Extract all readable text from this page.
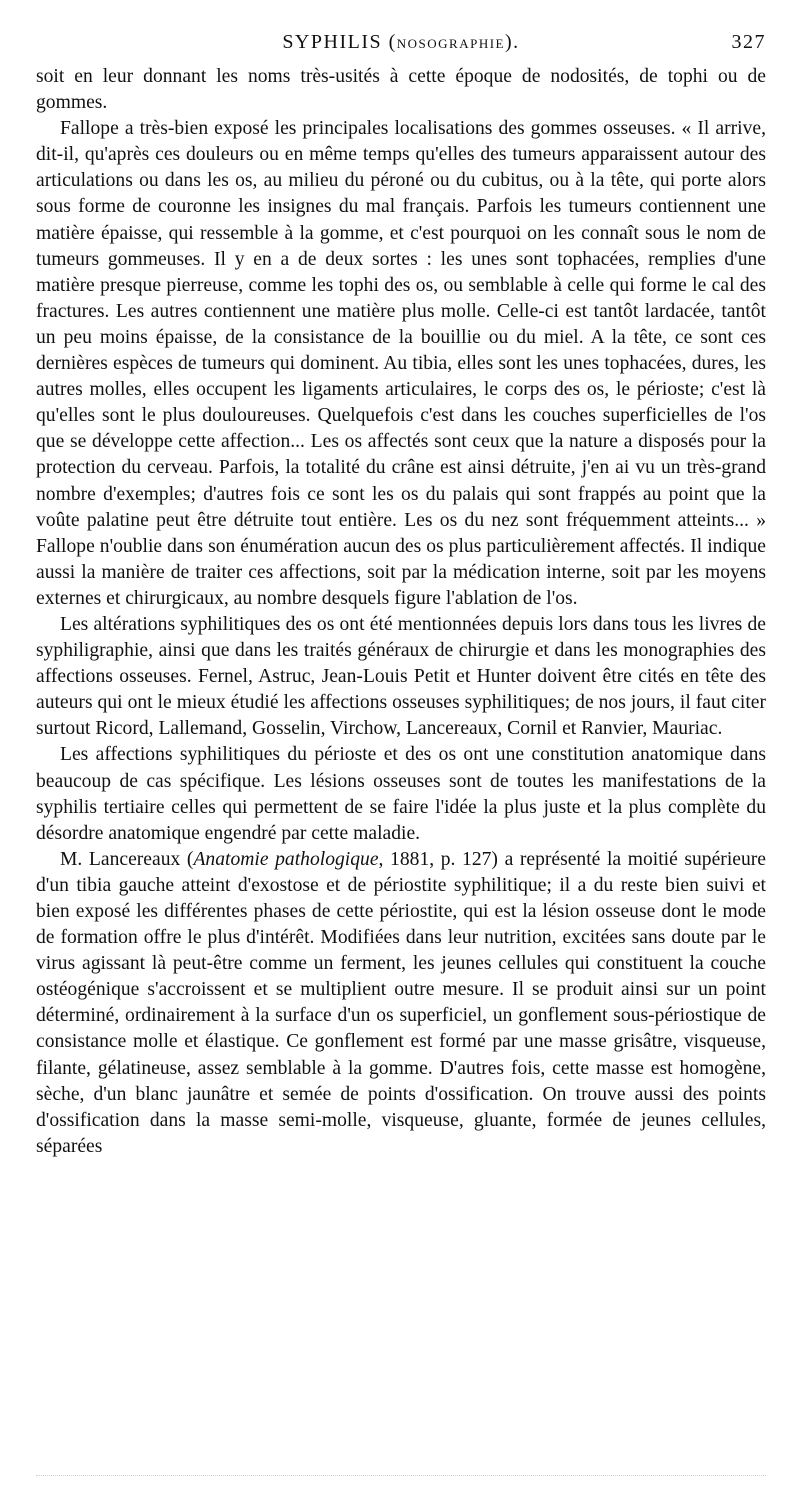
SYPHILIS (NOSOGRAPHIE).	327

soit en leur donnant les noms très-usités à cette époque de nodosités, de tophi ou de gommes.

Fallope a très-bien exposé les principales localisations des gommes osseuses. « Il arrive, dit-il, qu'après ces douleurs ou en même temps qu'elles des tumeurs apparaissent autour des articulations ou dans les os, au milieu du péroné ou du cubitus, ou à la tête, qui porte alors sous forme de couronne les insignes du mal français. Parfois les tumeurs contiennent une matière épaisse, qui ressemble à la gomme, et c'est pourquoi on les connaît sous le nom de tumeurs gommeuses. Il y en a de deux sortes : les unes sont tophacées, remplies d'une matière presque pierreuse, comme les tophi des os, ou semblable à celle qui forme le cal des fractures. Les autres contiennent une matière plus molle. Celle-ci est tantôt lardacée, tantôt un peu moins épaisse, de la consistance de la bouillie ou du miel. A la tête, ce sont ces dernières espèces de tumeurs qui dominent. Au tibia, elles sont les unes tophacées, dures, les autres molles, elles occupent les ligaments articulaires, le corps des os, le périoste; c'est là qu'elles sont le plus douloureuses. Quelquefois c'est dans les couches superficielles de l'os que se développe cette affection... Les os affectés sont ceux que la nature a disposés pour la protection du cerveau. Parfois, la totalité du crâne est ainsi détruite, j'en ai vu un très-grand nombre d'exemples; d'autres fois ce sont les os du palais qui sont frappés au point que la voûte palatine peut être détruite tout entière. Les os du nez sont fréquemment atteints... » Fallope n'oublie dans son énumération aucun des os plus particulièrement affectés. Il indique aussi la manière de traiter ces affections, soit par la médication interne, soit par les moyens externes et chirurgicaux, au nombre desquels figure l'ablation de l'os.

Les altérations syphilitiques des os ont été mentionnées depuis lors dans tous les livres de syphiligraphie, ainsi que dans les traités généraux de chirurgie et dans les monographies des affections osseuses. Fernel, Astruc, Jean-Louis Petit et Hunter doivent être cités en tête des auteurs qui ont le mieux étudié les affections osseuses syphilitiques; de nos jours, il faut citer surtout Ricord, Lallemand, Gosselin, Virchow, Lancereaux, Cornil et Ranvier, Mauriac.

Les affections syphilitiques du périoste et des os ont une constitution anatomique dans beaucoup de cas spécifique. Les lésions osseuses sont de toutes les manifestations de la syphilis tertiaire celles qui permettent de se faire l'idée la plus juste et la plus complète du désordre anatomique engendré par cette maladie.

M. Lancereaux (Anatomie pathologique, 1881, p. 127) a représenté la moitié supérieure d'un tibia gauche atteint d'exostose et de périostite syphilitique; il a du reste bien suivi et bien exposé les différentes phases de cette périostite, qui est la lésion osseuse dont le mode de formation offre le plus d'intérêt. Modifiées dans leur nutrition, excitées sans doute par le virus agissant là peut-être comme un ferment, les jeunes cellules qui constituent la couche ostéogénique s'accroissent et se multiplient outre mesure. Il se produit ainsi sur un point déterminé, ordinairement à la surface d'un os superficiel, un gonflement sous-périostique de consistance molle et élastique. Ce gonflement est formé par une masse grisâtre, visqueuse, filante, gélatineuse, assez semblable à la gomme. D'autres fois, cette masse est homogène, sèche, d'un blanc jaunâtre et semée de points d'ossification. On trouve aussi des points d'ossification dans la masse semi-molle, visqueuse, gluante, formée de jeunes cellules, séparées
